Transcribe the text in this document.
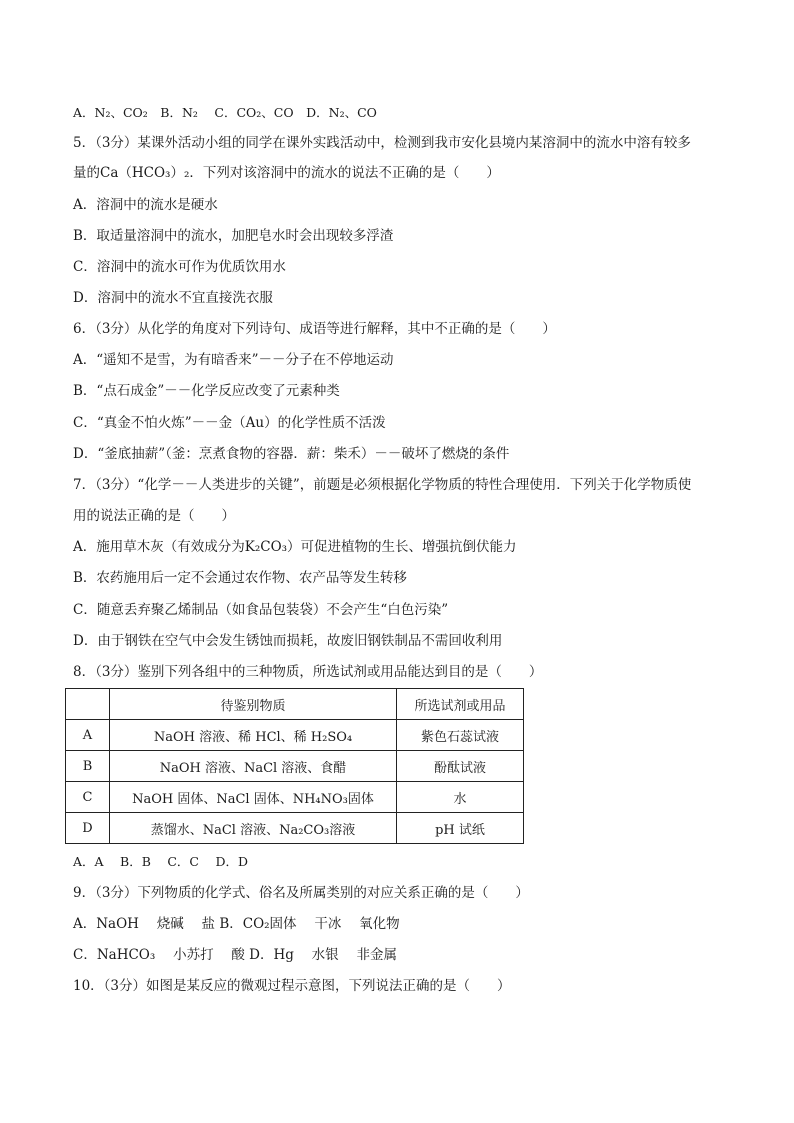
A．N₂、CO₂　B．N₂　 C．CO₂、CO　D．N₂、CO
5．（3分）某课外活动小组的同学在课外实践活动中，检测到我市安化县境内某溶洞中的流水中溶有较多
量的Ca（HCO₃）₂．下列对该溶洞中的流水的说法不正确的是（　　）
A．溶洞中的流水是硬水
B．取适量溶洞中的流水，加肥皂水时会出现较多浮渣
C．溶洞中的流水可作为优质饮用水
D．溶洞中的流水不宜直接洗衣服
6．（3分）从化学的角度对下列诗句、成语等进行解释，其中不正确的是（　　）
A．“遥知不是雪，为有暗香来”－－分子在不停地运动
B．“点石成金”－－化学反应改变了元素种类
C．“真金不怕火炼”－－金（Au）的化学性质不活泼
D．“釜底抽薪”（釜：烹煮食物的容器．薪：柴禾）－－破坏了燃烧的条件
7．（3分）“化学－－人类进步的关键”，前题是必须根据化学物质的特性合理使用．下列关于化学物质使
用的说法正确的是（　　）
A．施用草木灰（有效成分为K₂CO₃）可促进植物的生长、增强抗倒伏能力
B．农药施用后一定不会通过农作物、农产品等发生转移
C．随意丢弃聚乙烯制品（如食品包装袋）不会产生“白色污染”
D．由于钢铁在空气中会发生锈蚀而损耗，故废旧钢铁制品不需回收利用
8．（3分）鉴别下列各组中的三种物质，所选试剂或用品能达到目的是（　　）
	待鉴别物质	所选试剂或用品
A	NaOH 溶液、稀 HCl、稀 H₂SO₄	紫色石蕊试液
B	NaOH 溶液、NaCl 溶液、食醋	酚酞试液
C	NaOH 固体、NaCl 固体、NH₄NO₃固体	水
D	蒸馏水、NaCl 溶液、Na₂CO₃溶液	pH 试纸
A．A　 B．B　 C．C　 D．D
9．（3分）下列物质的化学式、俗名及所属类别的对应关系正确的是（　　）
A．NaOH　 烧碱　 盐 B．CO₂固体　 干冰　 氧化物
C．NaHCO₃　 小苏打　 酸 D．Hg　 水银　 非金属
10．（3分）如图是某反应的微观过程示意图，下列说法正确的是（　　）
